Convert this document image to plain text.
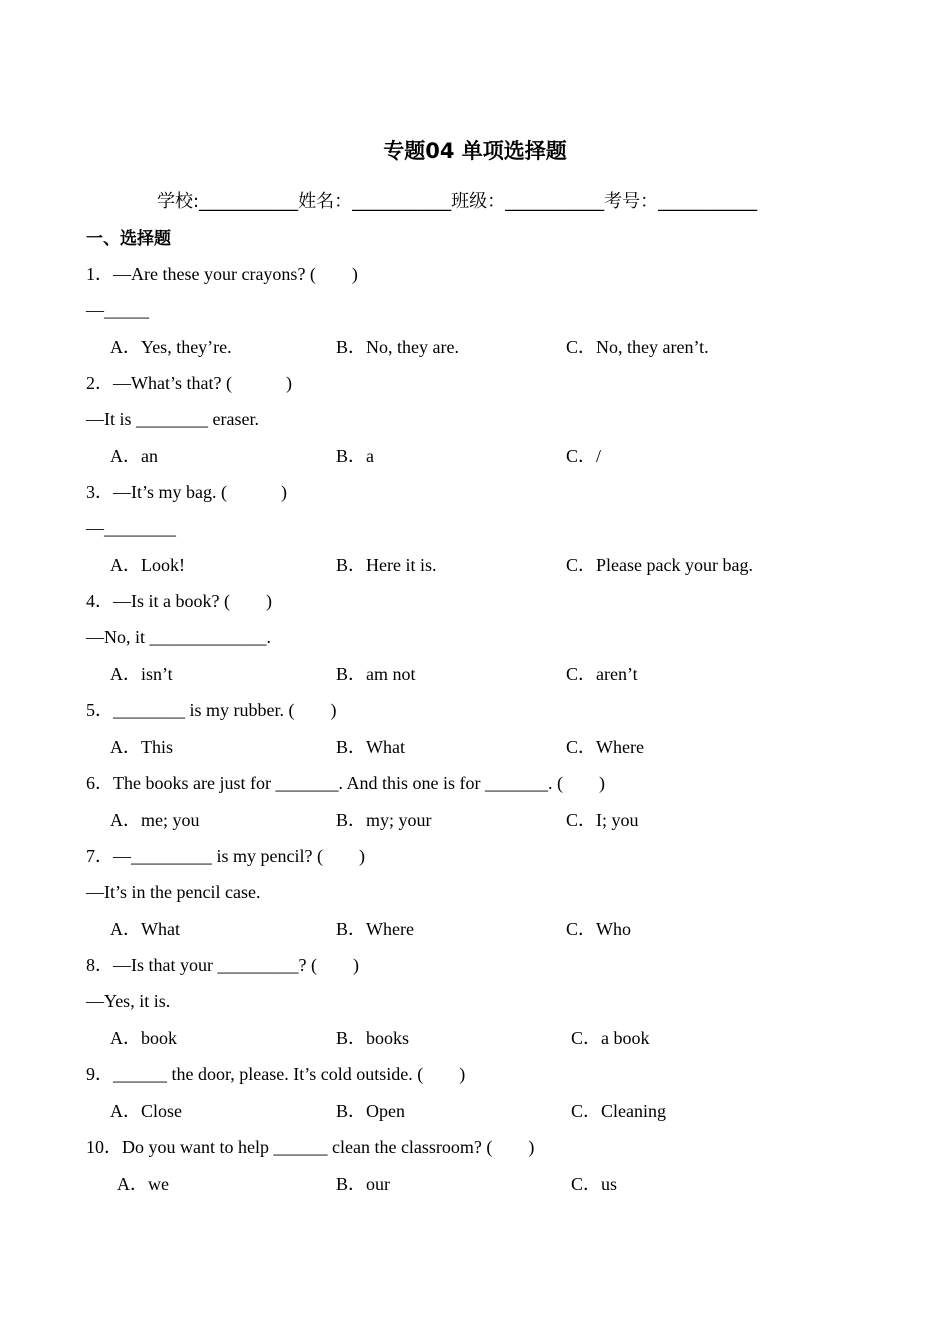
专题04 单项选择题
学校:___________姓名：___________班级：___________考号：___________
一、选择题
1．—Are these your crayons? (　　)
—_____
A．Yes, they’re.	B．No, they are.	C．No, they aren’t.
2．—What’s that? (　　　)
—It is ________ eraser.
A．an	B．a	C．/
3．—It’s my bag. (　　　)
—________
A．Look!	B．Here it is.	C．Please pack your bag.
4．—Is it a book? (　　)
—No, it _____________.
A．isn’t	B．am not	C．aren’t
5．________ is my rubber. (　　)
A．This	B．What	C．Where
6．The books are just for _______. And this one is for _______. (　　)
A．me; you	B．my; your	C．I; you
7．—_________ is my pencil? (　　)
—It’s in the pencil case.
A．What	B．Where	C．Who
8．—Is that your _________? (　　)
—Yes, it is.
A．book	B．books	C．a book
9．______ the door, please. It’s cold outside. (　　)
A．Close	B．Open	C．Cleaning
10．Do you want to help ______ clean the classroom? (　　)
A．we	B．our	C．us
